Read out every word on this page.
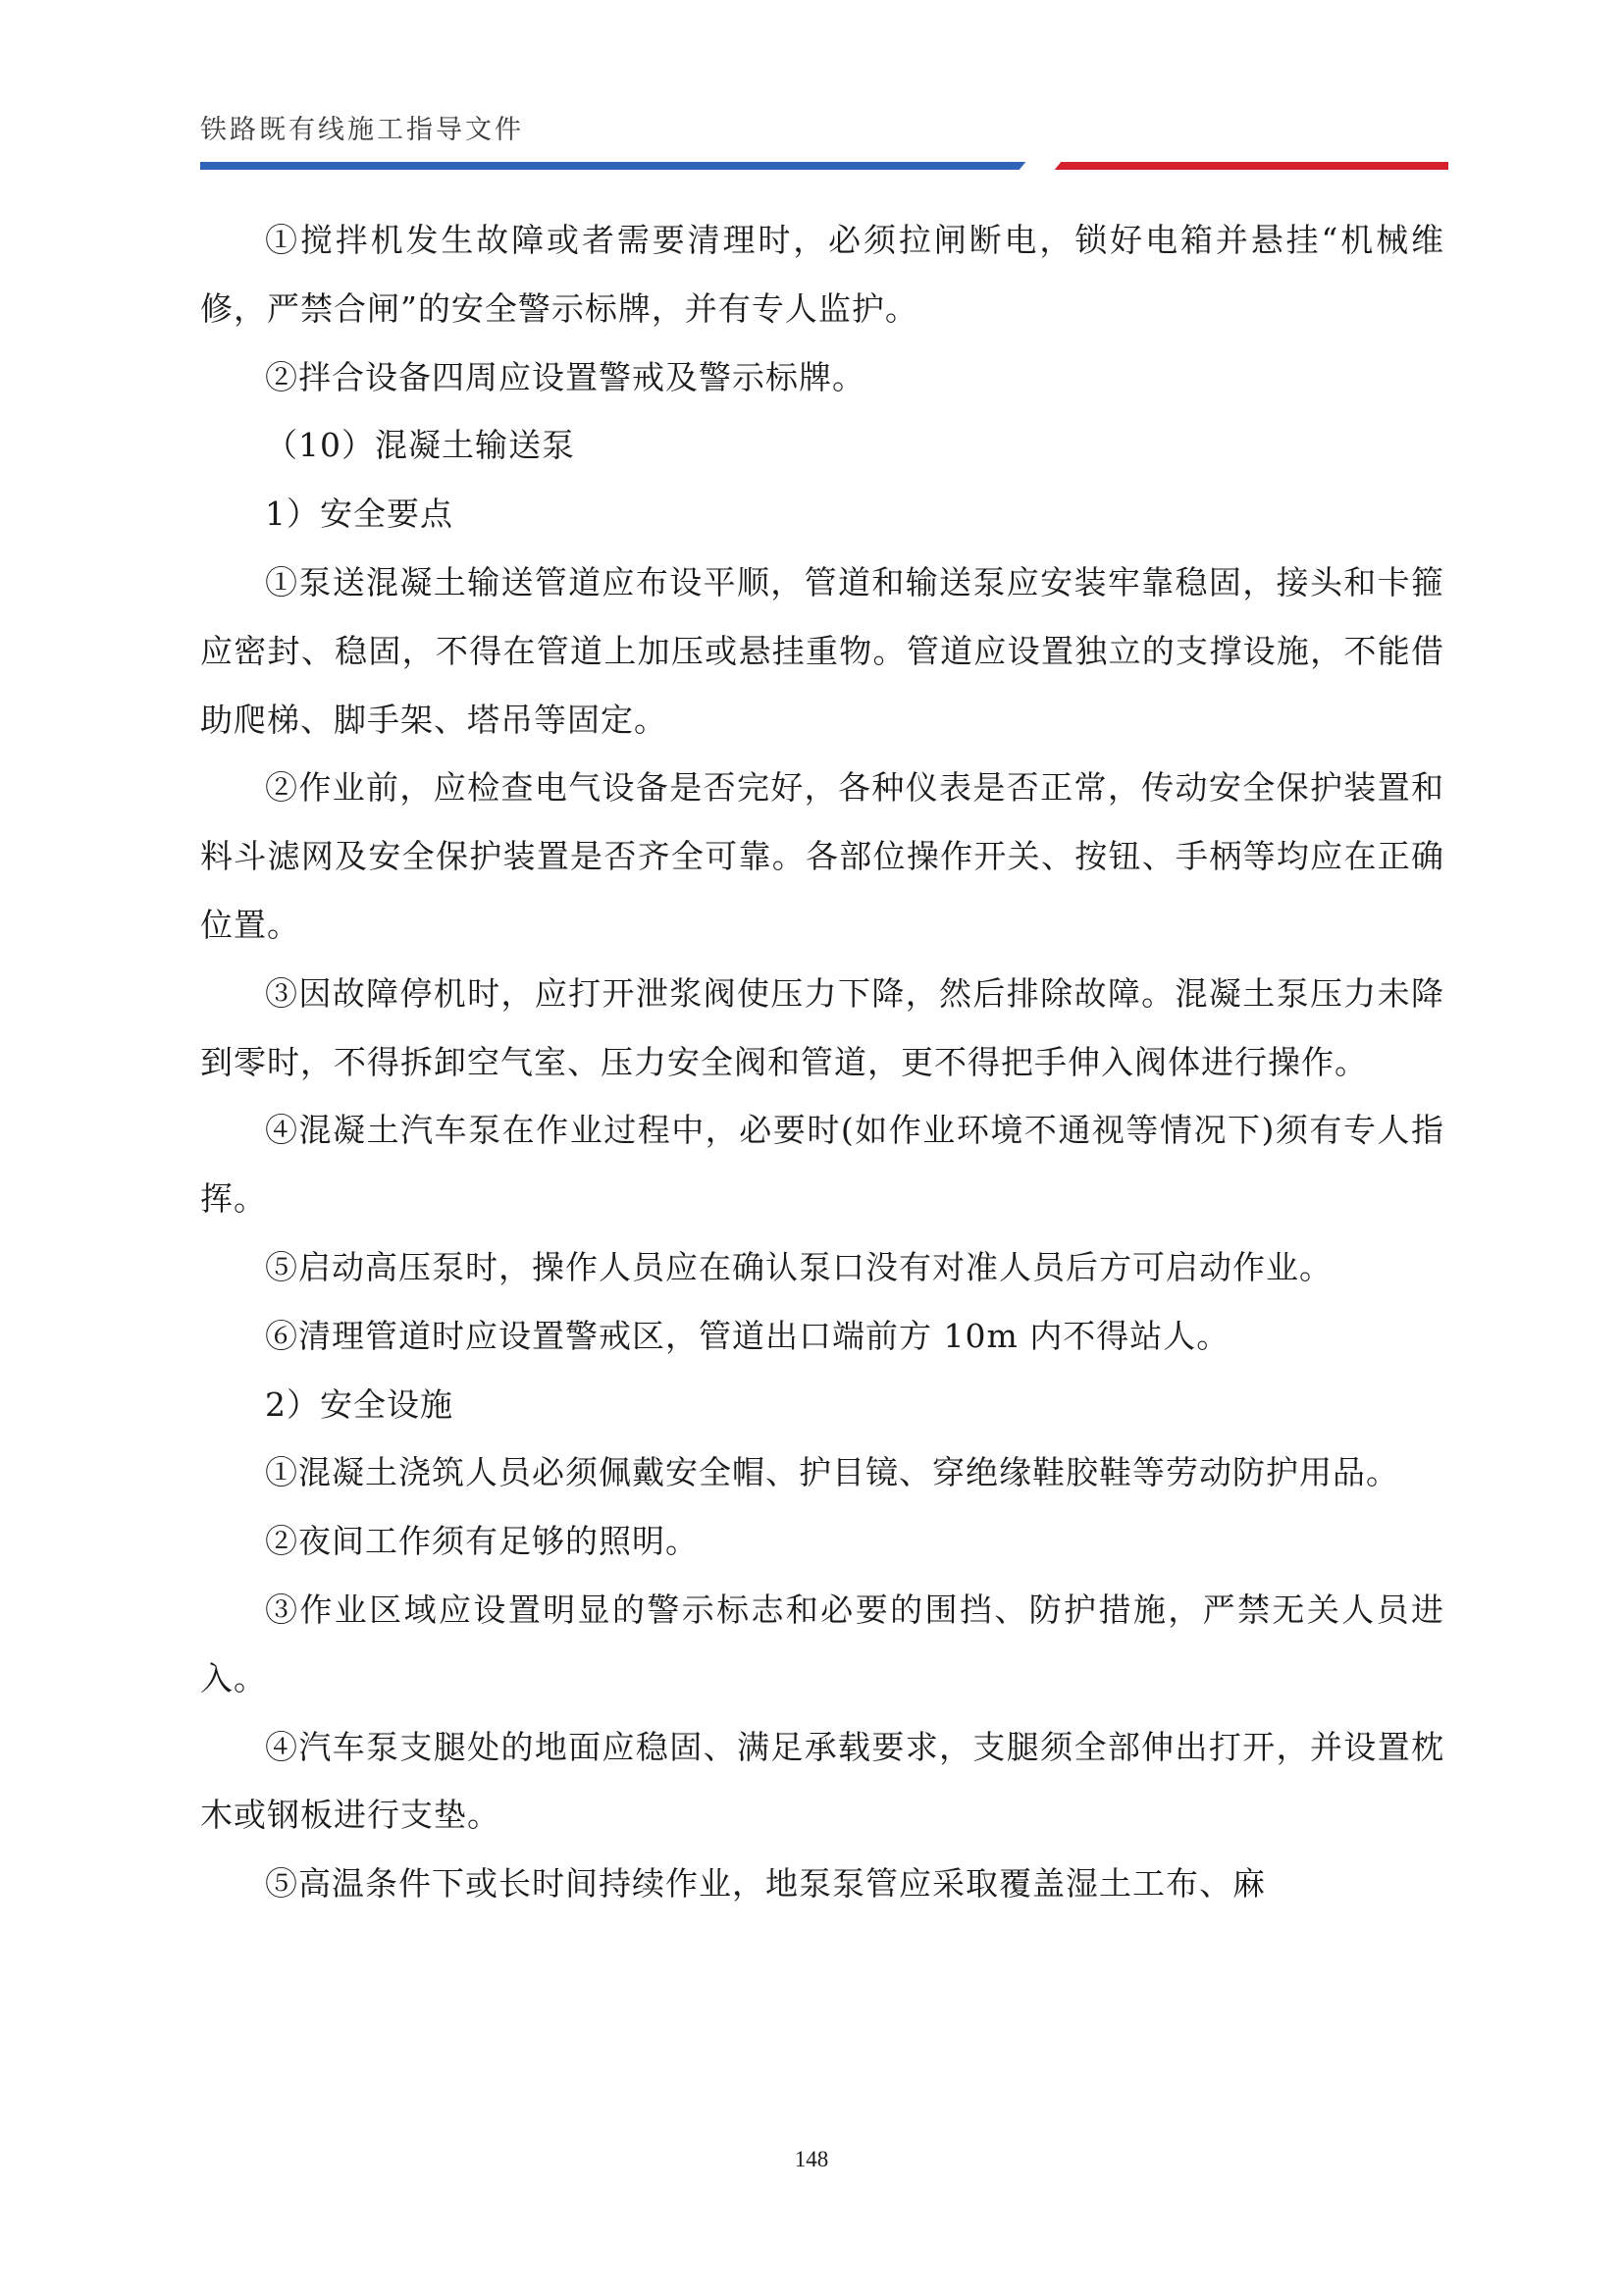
铁路既有线施工指导文件

①搅拌机发生故障或者需要清理时，必须拉闸断电，锁好电箱并悬挂“机械维修，严禁合闸”的安全警示标牌，并有专人监护。

②拌合设备四周应设置警戒及警示标牌。

（10）混凝土输送泵

1）安全要点

①泵送混凝土输送管道应布设平顺，管道和输送泵应安装牢靠稳固，接头和卡箍应密封、稳固，不得在管道上加压或悬挂重物。管道应设置独立的支撑设施，不能借助爬梯、脚手架、塔吊等固定。

②作业前，应检查电气设备是否完好，各种仪表是否正常，传动安全保护装置和料斗滤网及安全保护装置是否齐全可靠。各部位操作开关、按钮、手柄等均应在正确位置。

③因故障停机时，应打开泄浆阀使压力下降，然后排除故障。混凝土泵压力未降到零时，不得拆卸空气室、压力安全阀和管道，更不得把手伸入阀体进行操作。

④混凝土汽车泵在作业过程中，必要时(如作业环境不通视等情况下)须有专人指挥。

⑤启动高压泵时，操作人员应在确认泵口没有对准人员后方可启动作业。

⑥清理管道时应设置警戒区，管道出口端前方 10m 内不得站人。

2）安全设施

①混凝土浇筑人员必须佩戴安全帽、护目镜、穿绝缘鞋胶鞋等劳动防护用品。

②夜间工作须有足够的照明。

③作业区域应设置明显的警示标志和必要的围挡、防护措施，严禁无关人员进入。

④汽车泵支腿处的地面应稳固、满足承载要求，支腿须全部伸出打开，并设置枕木或钢板进行支垫。

⑤高温条件下或长时间持续作业，地泵泵管应采取覆盖湿土工布、麻

148
